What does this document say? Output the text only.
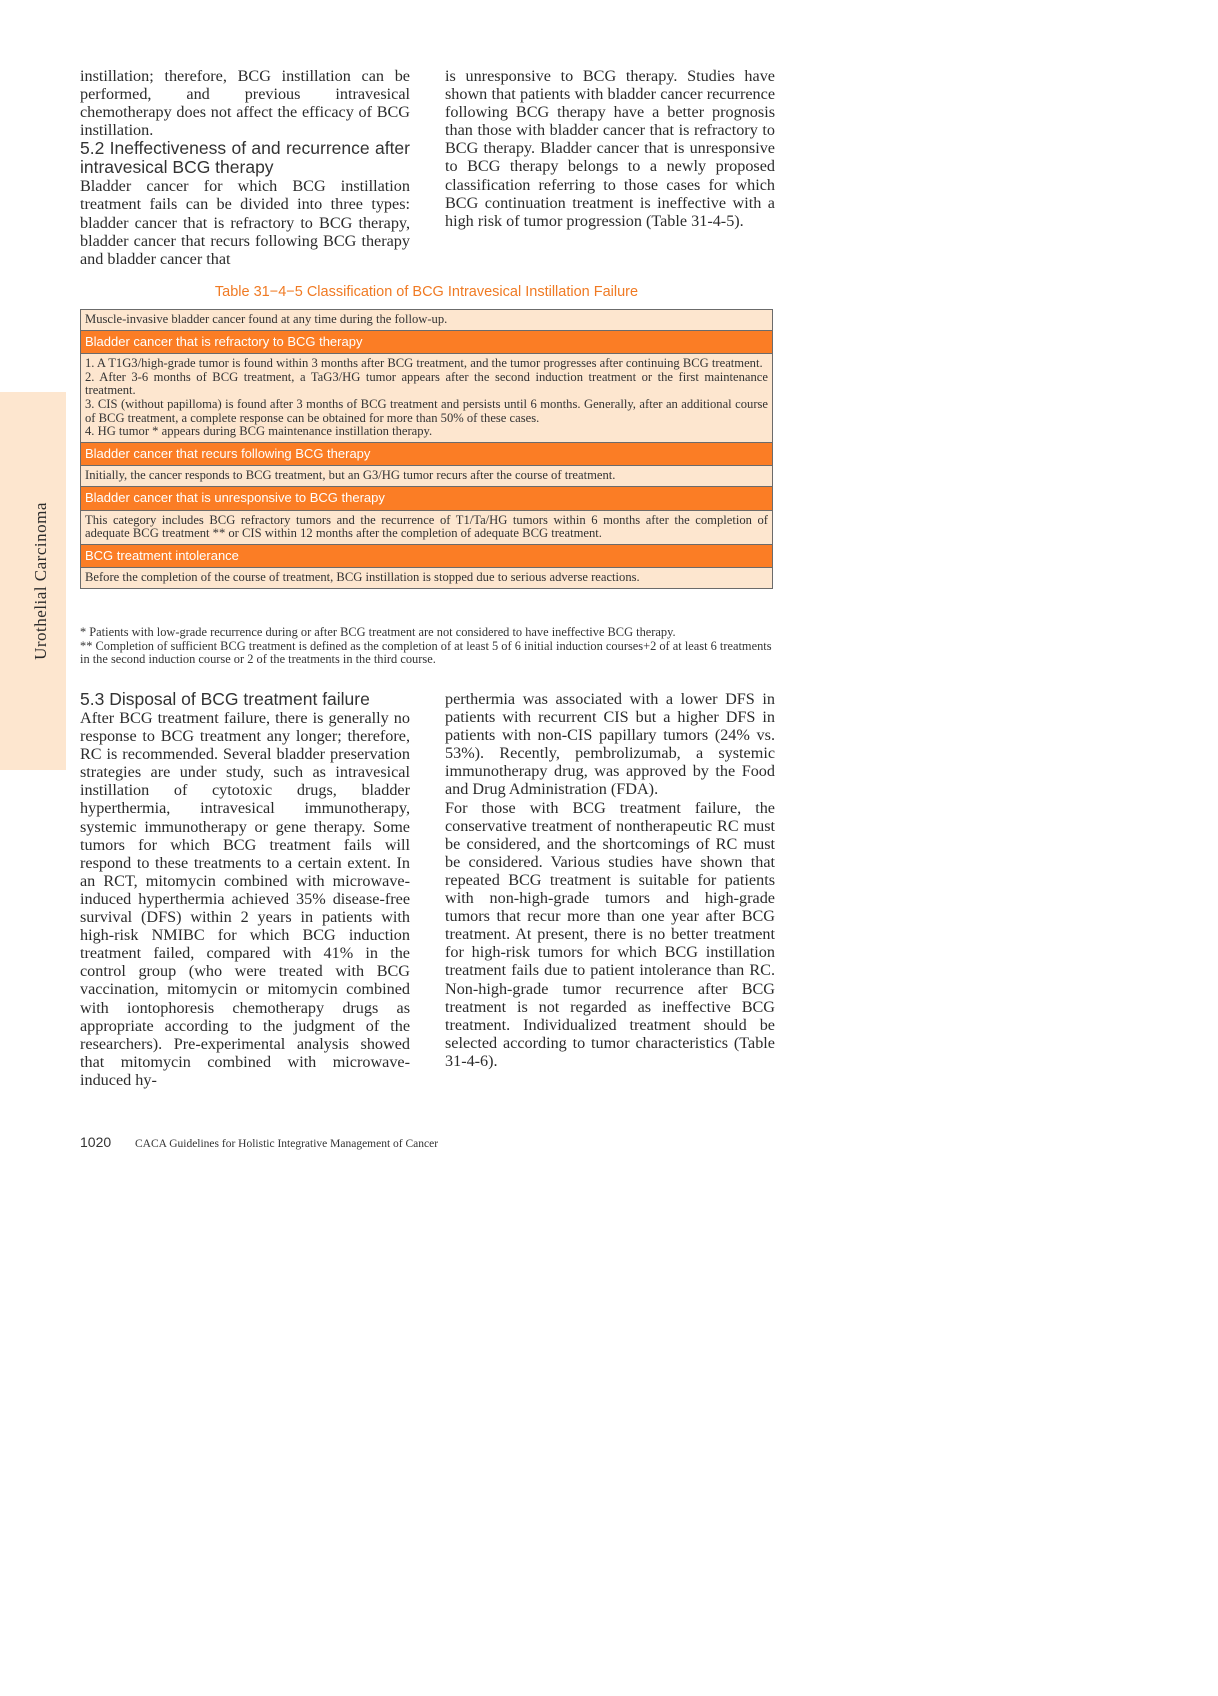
Urothelial Carcinoma

instillation; therefore, BCG instillation can be performed, and previous intravesical chemotherapy does not affect the efficacy of BCG instillation.

5.2 Ineffectiveness of and recurrence after intravesical BCG therapy

Bladder cancer for which BCG instillation treatment fails can be divided into three types: bladder cancer that is refractory to BCG therapy, bladder cancer that recurs following BCG therapy and bladder cancer that

is unresponsive to BCG therapy. Studies have shown that patients with bladder cancer recurrence following BCG therapy have a better prognosis than those with bladder cancer that is refractory to BCG therapy. Bladder cancer that is unresponsive to BCG therapy belongs to a newly proposed classification referring to those cases for which BCG continuation treatment is ineffective with a high risk of tumor progression (Table 31-4-5).

Table 31−4−5 Classification of BCG Intravesical Instillation Failure
Muscle-invasive bladder cancer found at any time during the follow-up.
Bladder cancer that is refractory to BCG therapy
1. A T1G3/high-grade tumor is found within 3 months after BCG treatment, and the tumor progresses after continuing BCG treatment.
2. After 3-6 months of BCG treatment, a TaG3/HG tumor appears after the second induction treatment or the first maintenance treatment.
3. CIS (without papilloma) is found after 3 months of BCG treatment and persists until 6 months. Generally, after an additional course of BCG treatment, a complete response can be obtained for more than 50% of these cases.
4. HG tumor * appears during BCG maintenance instillation therapy.
Bladder cancer that recurs following BCG therapy
Initially, the cancer responds to BCG treatment, but an G3/HG tumor recurs after the course of treatment.
Bladder cancer that is unresponsive to BCG therapy
This category includes BCG refractory tumors and the recurrence of T1/Ta/HG tumors within 6 months after the completion of adequate BCG treatment ** or CIS within 12 months after the completion of adequate BCG treatment.
BCG treatment intolerance
Before the completion of the course of treatment, BCG instillation is stopped due to serious adverse reactions.
* Patients with low-grade recurrence during or after BCG treatment are not considered to have ineffective BCG therapy.
** Completion of sufficient BCG treatment is defined as the completion of at least 5 of 6 initial induction courses+2 of at least 6 treatments in the second induction course or 2 of the treatments in the third course.

5.3 Disposal of BCG treatment failure

After BCG treatment failure, there is generally no response to BCG treatment any longer; therefore, RC is recommended. Several bladder preservation strategies are under study, such as intravesical instillation of cytotoxic drugs, bladder hyperthermia, intravesical immunotherapy, systemic immunotherapy or gene therapy. Some tumors for which BCG treatment fails will respond to these treatments to a certain extent. In an RCT, mitomycin combined with microwave-induced hyperthermia achieved 35% disease-free survival (DFS) within 2 years in patients with high-risk NMIBC for which BCG induction treatment failed, compared with 41% in the control group (who were treated with BCG vaccination, mitomycin or mitomycin combined with iontophoresis chemotherapy drugs as appropriate according to the judgment of the researchers). Pre-experimental analysis showed that mitomycin combined with microwave-induced hy-

perthermia was associated with a lower DFS in patients with recurrent CIS but a higher DFS in patients with non-CIS papillary tumors (24% vs. 53%). Recently, pembrolizumab, a systemic immunotherapy drug, was approved by the Food and Drug Administration (FDA).

For those with BCG treatment failure, the conservative treatment of nontherapeutic RC must be considered, and the shortcomings of RC must be considered. Various studies have shown that repeated BCG treatment is suitable for patients with non-high-grade tumors and high-grade tumors that recur more than one year after BCG treatment. At present, there is no better treatment for high-risk tumors for which BCG instillation treatment fails due to patient intolerance than RC. Non-high-grade tumor recurrence after BCG treatment is not regarded as ineffective BCG treatment. Individualized treatment should be selected according to tumor characteristics (Table 31-4-6).

1020	CACA Guidelines for Holistic Integrative Management of Cancer
